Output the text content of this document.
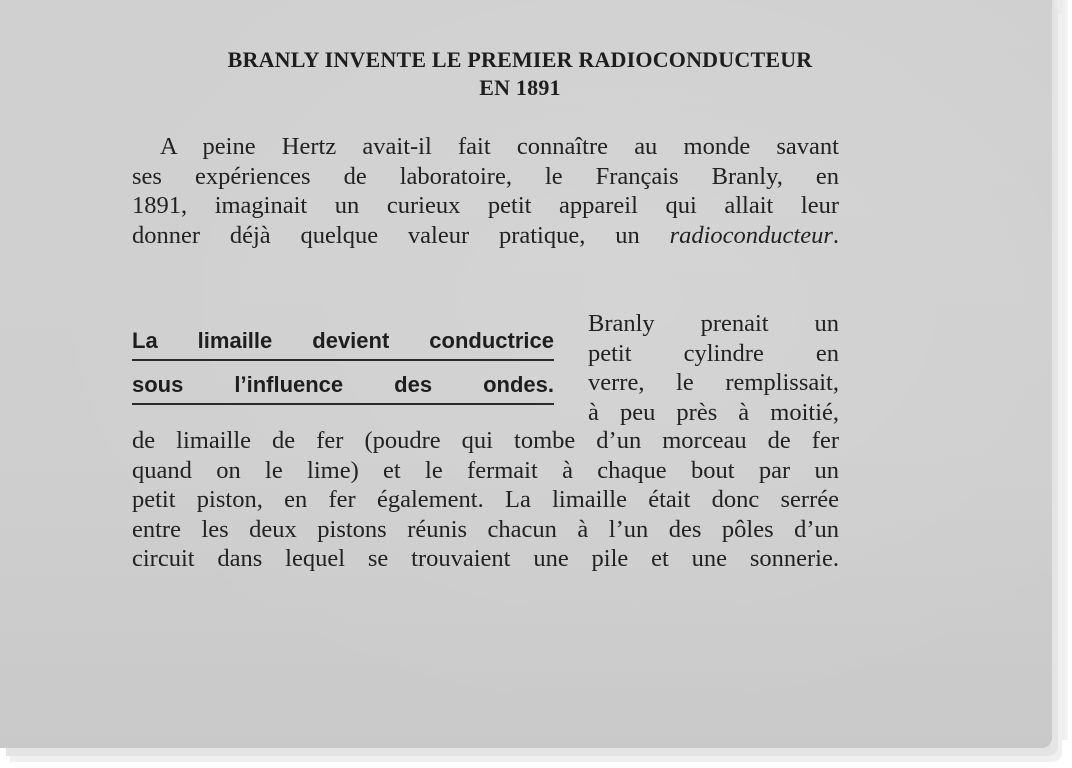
BRANLY INVENTE LE PREMIER RADIOCONDUCTEUR
EN 1891
A peine Hertz avait-il fait connaître au monde savant
ses expériences de laboratoire, le Français Branly, en
1891, imaginait un curieux petit appareil qui allait leur
donner déjà quelque valeur pratique, un radioconducteur.
La limaille devient conductrice
sous l’influence des ondes.
Branly prenait un
petit cylindre en
verre, le remplissait,
à peu près à moitié,
de limaille de fer (poudre qui tombe d’un morceau de fer
quand on le lime) et le fermait à chaque bout par un
petit piston, en fer également. La limaille était donc serrée
entre les deux pistons réunis chacun à l’un des pôles d’un
circuit dans lequel se trouvaient une pile et une sonnerie.
